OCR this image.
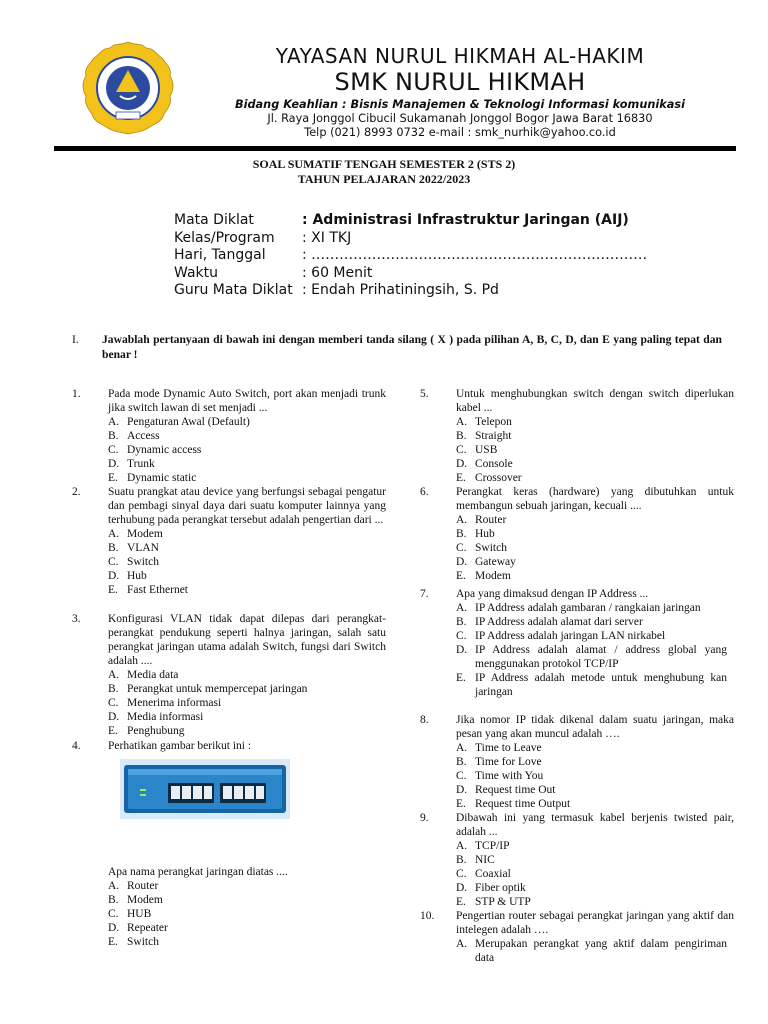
YAYASAN NURUL HIKMAH AL-HAKIM
SMK NURUL HIKMAH
Bidang Keahlian : Bisnis Manajemen & Teknologi Informasi komunikasi
Jl. Raya Jonggol Cibucil Sukamanah Jonggol Bogor Jawa Barat 16830
Telp (021) 8993 0732 e-mail : smk_nurhik@yahoo.co.id
SOAL SUMATIF TENGAH SEMESTER 2 (STS 2)
TAHUN PELAJARAN 2022/2023
Mata Diklat	: Administrasi Infrastruktur Jaringan (AIJ)
Kelas/Program	: XI TKJ
Hari, Tanggal	: ………………………………………………………………
Waktu	: 60 Menit
Guru Mata Diklat : Endah Prihatiningsih, S. Pd
I. Jawablah pertanyaan di bawah ini dengan memberi tanda silang ( X ) pada pilihan A, B, C, D, dan E yang paling tepat dan benar !
1. Pada mode Dynamic Auto Switch, port akan menjadi trunk jika switch lawan di set menjadi ...
A. Pengaturan Awal (Default)
B. Access
C. Dynamic access
D. Trunk
E. Dynamic static
2. Suatu prangkat atau device yang berfungsi sebagai pengatur dan pembagi sinyal daya dari suatu komputer lainnya yang terhubung pada perangkat tersebut adalah pengertian dari ...
A. Modem
B. VLAN
C. Switch
D. Hub
E. Fast Ethernet
3. Konfigurasi VLAN tidak dapat dilepas dari perangkat-perangkat pendukung seperti halnya jaringan, salah satu perangkat jaringan utama adalah Switch, fungsi dari Switch adalah ....
A. Media data
B. Perangkat untuk mempercepat jaringan
C. Menerima informasi
D. Media informasi
E. Penghubung
4. Perhatikan gambar berikut ini :
Apa nama perangkat jaringan diatas ....
A. Router
B. Modem
C. HUB
D. Repeater
E. Switch
5. Untuk menghubungkan switch dengan switch diperlukan kabel ...
A. Telepon
B. Straight
C. USB
D. Console
E. Crossover
6. Perangkat keras (hardware) yang dibutuhkan untuk membangun sebuah jaringan, kecuali ....
A. Router
B. Hub
C. Switch
D. Gateway
E. Modem
7. Apa yang dimaksud dengan IP Address ...
A. IP Address adalah gambaran / rangkaian jaringan
B. IP Address adalah alamat dari server
C. IP Address adalah jaringan LAN nirkabel
D. IP Address adalah alamat / address global yang menggunakan protokol TCP/IP
E. IP Address adalah metode untuk menghubung kan jaringan
8. Jika nomor IP tidak dikenal dalam suatu jaringan, maka pesan yang akan muncul adalah ….
A. Time to Leave
B. Time for Love
C. Time with You
D. Request time Out
E. Request time Output
9. Dibawah ini yang termasuk kabel berjenis twisted pair, adalah ...
A. TCP/IP
B. NIC
C. Coaxial
D. Fiber optik
E. STP & UTP
10. Pengertian router sebagai perangkat jaringan yang aktif dan intelegen adalah ….
A. Merupakan perangkat yang aktif dalam pengiriman data
